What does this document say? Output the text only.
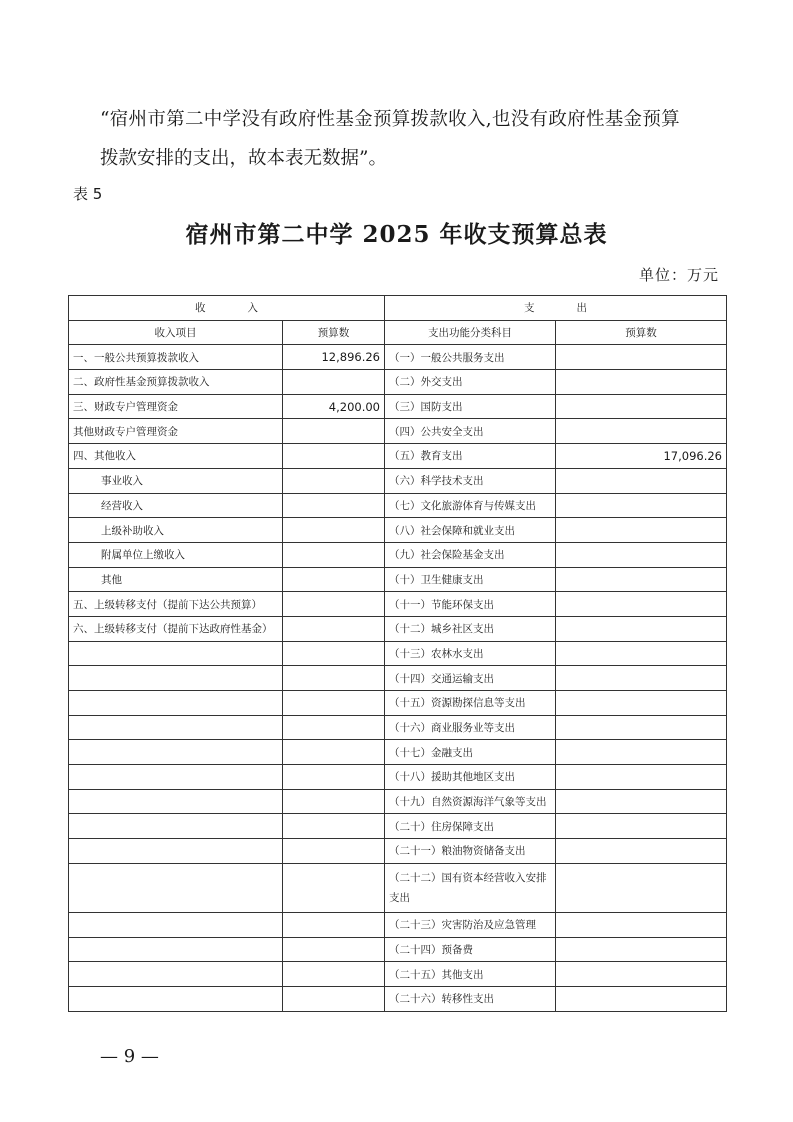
“宿州市第二中学没有政府性基金预算拨款收入,也没有政府性基金预算
拨款安排的支出，故本表无数据”。
表 5
宿州市第二中学 2025 年收支预算总表
单位：万元
收　　　　入		支　　　　出	
收入项目	预算数	支出功能分类科目	预算数
一、一般公共预算拨款收入	12,896.26	（一）一般公共服务支出	
二、政府性基金预算拨款收入		（二）外交支出	
三、财政专户管理资金	4,200.00	（三）国防支出	
其他财政专户管理资金		（四）公共安全支出	
四、其他收入		（五）教育支出	17,096.26
事业收入		（六）科学技术支出	
经营收入		（七）文化旅游体育与传媒支出	
上级补助收入		（八）社会保障和就业支出	
附属单位上缴收入		（九）社会保险基金支出	
其他		（十）卫生健康支出	
五、上级转移支付（提前下达公共预算）		（十一）节能环保支出	
六、上级转移支付（提前下达政府性基金）		（十二）城乡社区支出	
		（十三）农林水支出	
		（十四）交通运输支出	
		（十五）资源勘探信息等支出	
		（十六）商业服务业等支出	
		（十七）金融支出	
		（十八）援助其他地区支出	
		（十九）自然资源海洋气象等支出	
		（二十）住房保障支出	
		（二十一）粮油物资储备支出	
		（二十二）国有资本经营收入安排支出	
		（二十三）灾害防治及应急管理	
		（二十四）预备费	
		（二十五）其他支出	
		（二十六）转移性支出	
— 9 —
